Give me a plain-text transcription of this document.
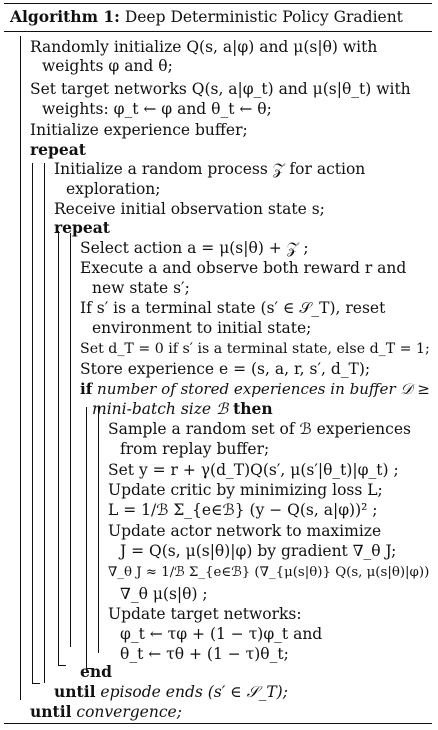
Algorithm 1: Deep Deterministic Policy Gradient
Randomly initialize Q(s, a|φ) and μ(s|θ) with
weights φ and θ;
Set target networks Q(s, a|φ_t) and μ(s|θ_t) with
weights: φ_t ← φ and θ_t ← θ;
Initialize experience buffer;
repeat
Initialize a random process 𝒵 for action
exploration;
Receive initial observation state s;
repeat
Select action a = μ(s|θ) + 𝒵 ;
Execute a and observe both reward r and
new state s′;
If s′ is a terminal state (s′ ∈ 𝒮_T), reset
environment to initial state;
Set d_T = 0 if s′ is a terminal state, else d_T = 1;
Store experience e = (s, a, r, s′, d_T);
if number of stored experiences in buffer 𝒟 ≥
mini-batch size ℬ then
Sample a random set of ℬ experiences
from replay buffer;
Set y = r + γ(d_T)Q(s′, μ(s′|θ_t)|φ_t) ;
Update critic by minimizing loss L;
L = 1/ℬ Σ_{e∈ℬ} (y − Q(s, a|φ))² ;
Update actor network to maximize
J = Q(s, μ(s|θ)|φ) by gradient ∇_θ J;
∇_θ J ≈ 1/ℬ Σ_{e∈ℬ} (∇_{μ(s|θ)} Q(s, μ(s|θ)|φ))
∇_θ μ(s|θ) ;
Update target networks:
φ_t ← τφ + (1 − τ)φ_t and
θ_t ← τθ + (1 − τ)θ_t;
end
until episode ends (s′ ∈ 𝒮_T);
until convergence;
